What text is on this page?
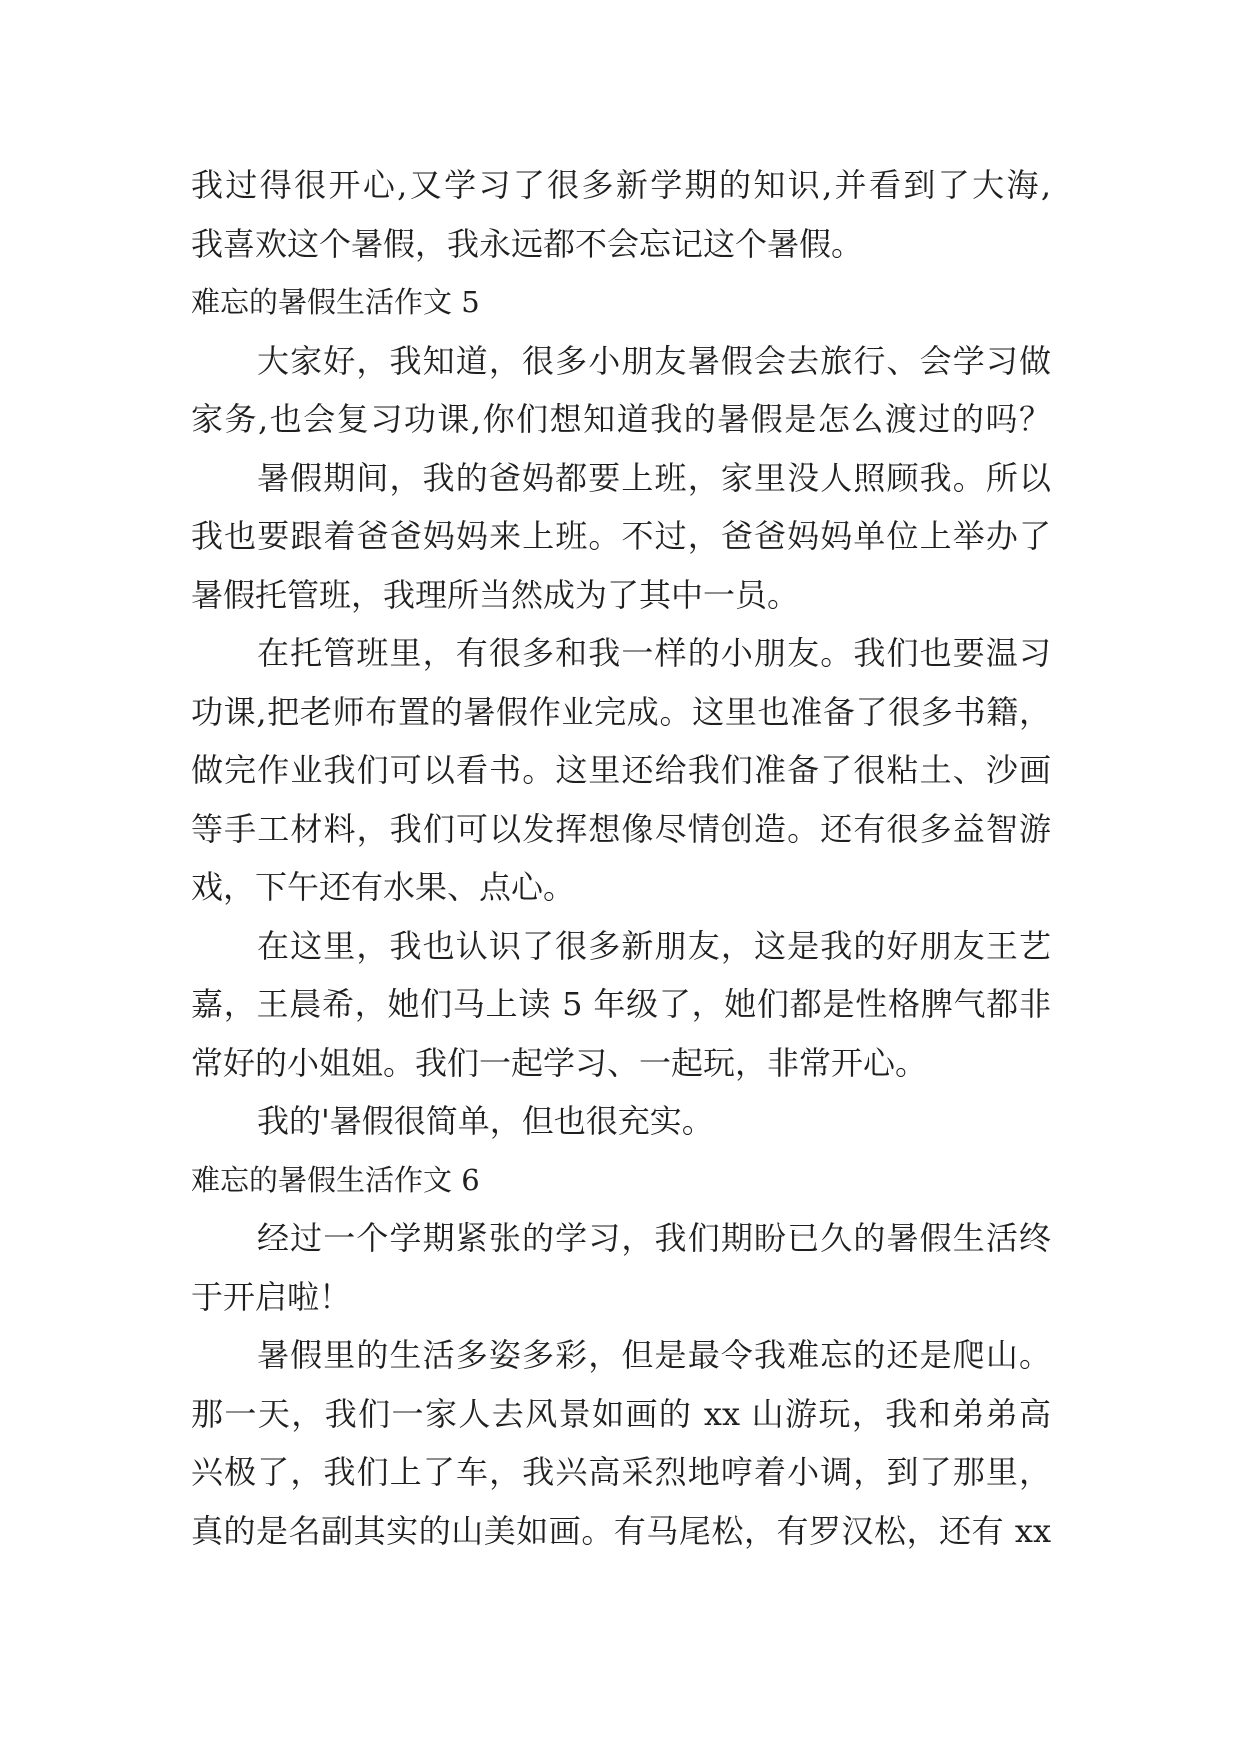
我过得很开心,又学习了很多新学期的知识,并看到了大海,
我喜欢这个暑假，我永远都不会忘记这个暑假。
难忘的暑假生活作文 5
大家好，我知道，很多小朋友暑假会去旅行、会学习做
家务,也会复习功课,你们想知道我的暑假是怎么渡过的吗？
暑假期间，我的爸妈都要上班，家里没人照顾我。所以
我也要跟着爸爸妈妈来上班。不过，爸爸妈妈单位上举办了
暑假托管班，我理所当然成为了其中一员。
在托管班里，有很多和我一样的小朋友。我们也要温习
功课,把老师布置的暑假作业完成。这里也准备了很多书籍，
做完作业我们可以看书。这里还给我们准备了很粘土、沙画
等手工材料，我们可以发挥想像尽情创造。还有很多益智游
戏，下午还有水果、点心。
在这里，我也认识了很多新朋友，这是我的好朋友王艺
嘉，王晨希，她们马上读 5 年级了，她们都是性格脾气都非
常好的小姐姐。我们一起学习、一起玩，非常开心。
我的'暑假很简单，但也很充实。
难忘的暑假生活作文 6
经过一个学期紧张的学习，我们期盼已久的暑假生活终
于开启啦！
暑假里的生活多姿多彩，但是最令我难忘的还是爬山。
那一天，我们一家人去风景如画的 xx 山游玩，我和弟弟高
兴极了，我们上了车，我兴高采烈地哼着小调，到了那里，
真的是名副其实的山美如画。有马尾松，有罗汉松，还有 xx
